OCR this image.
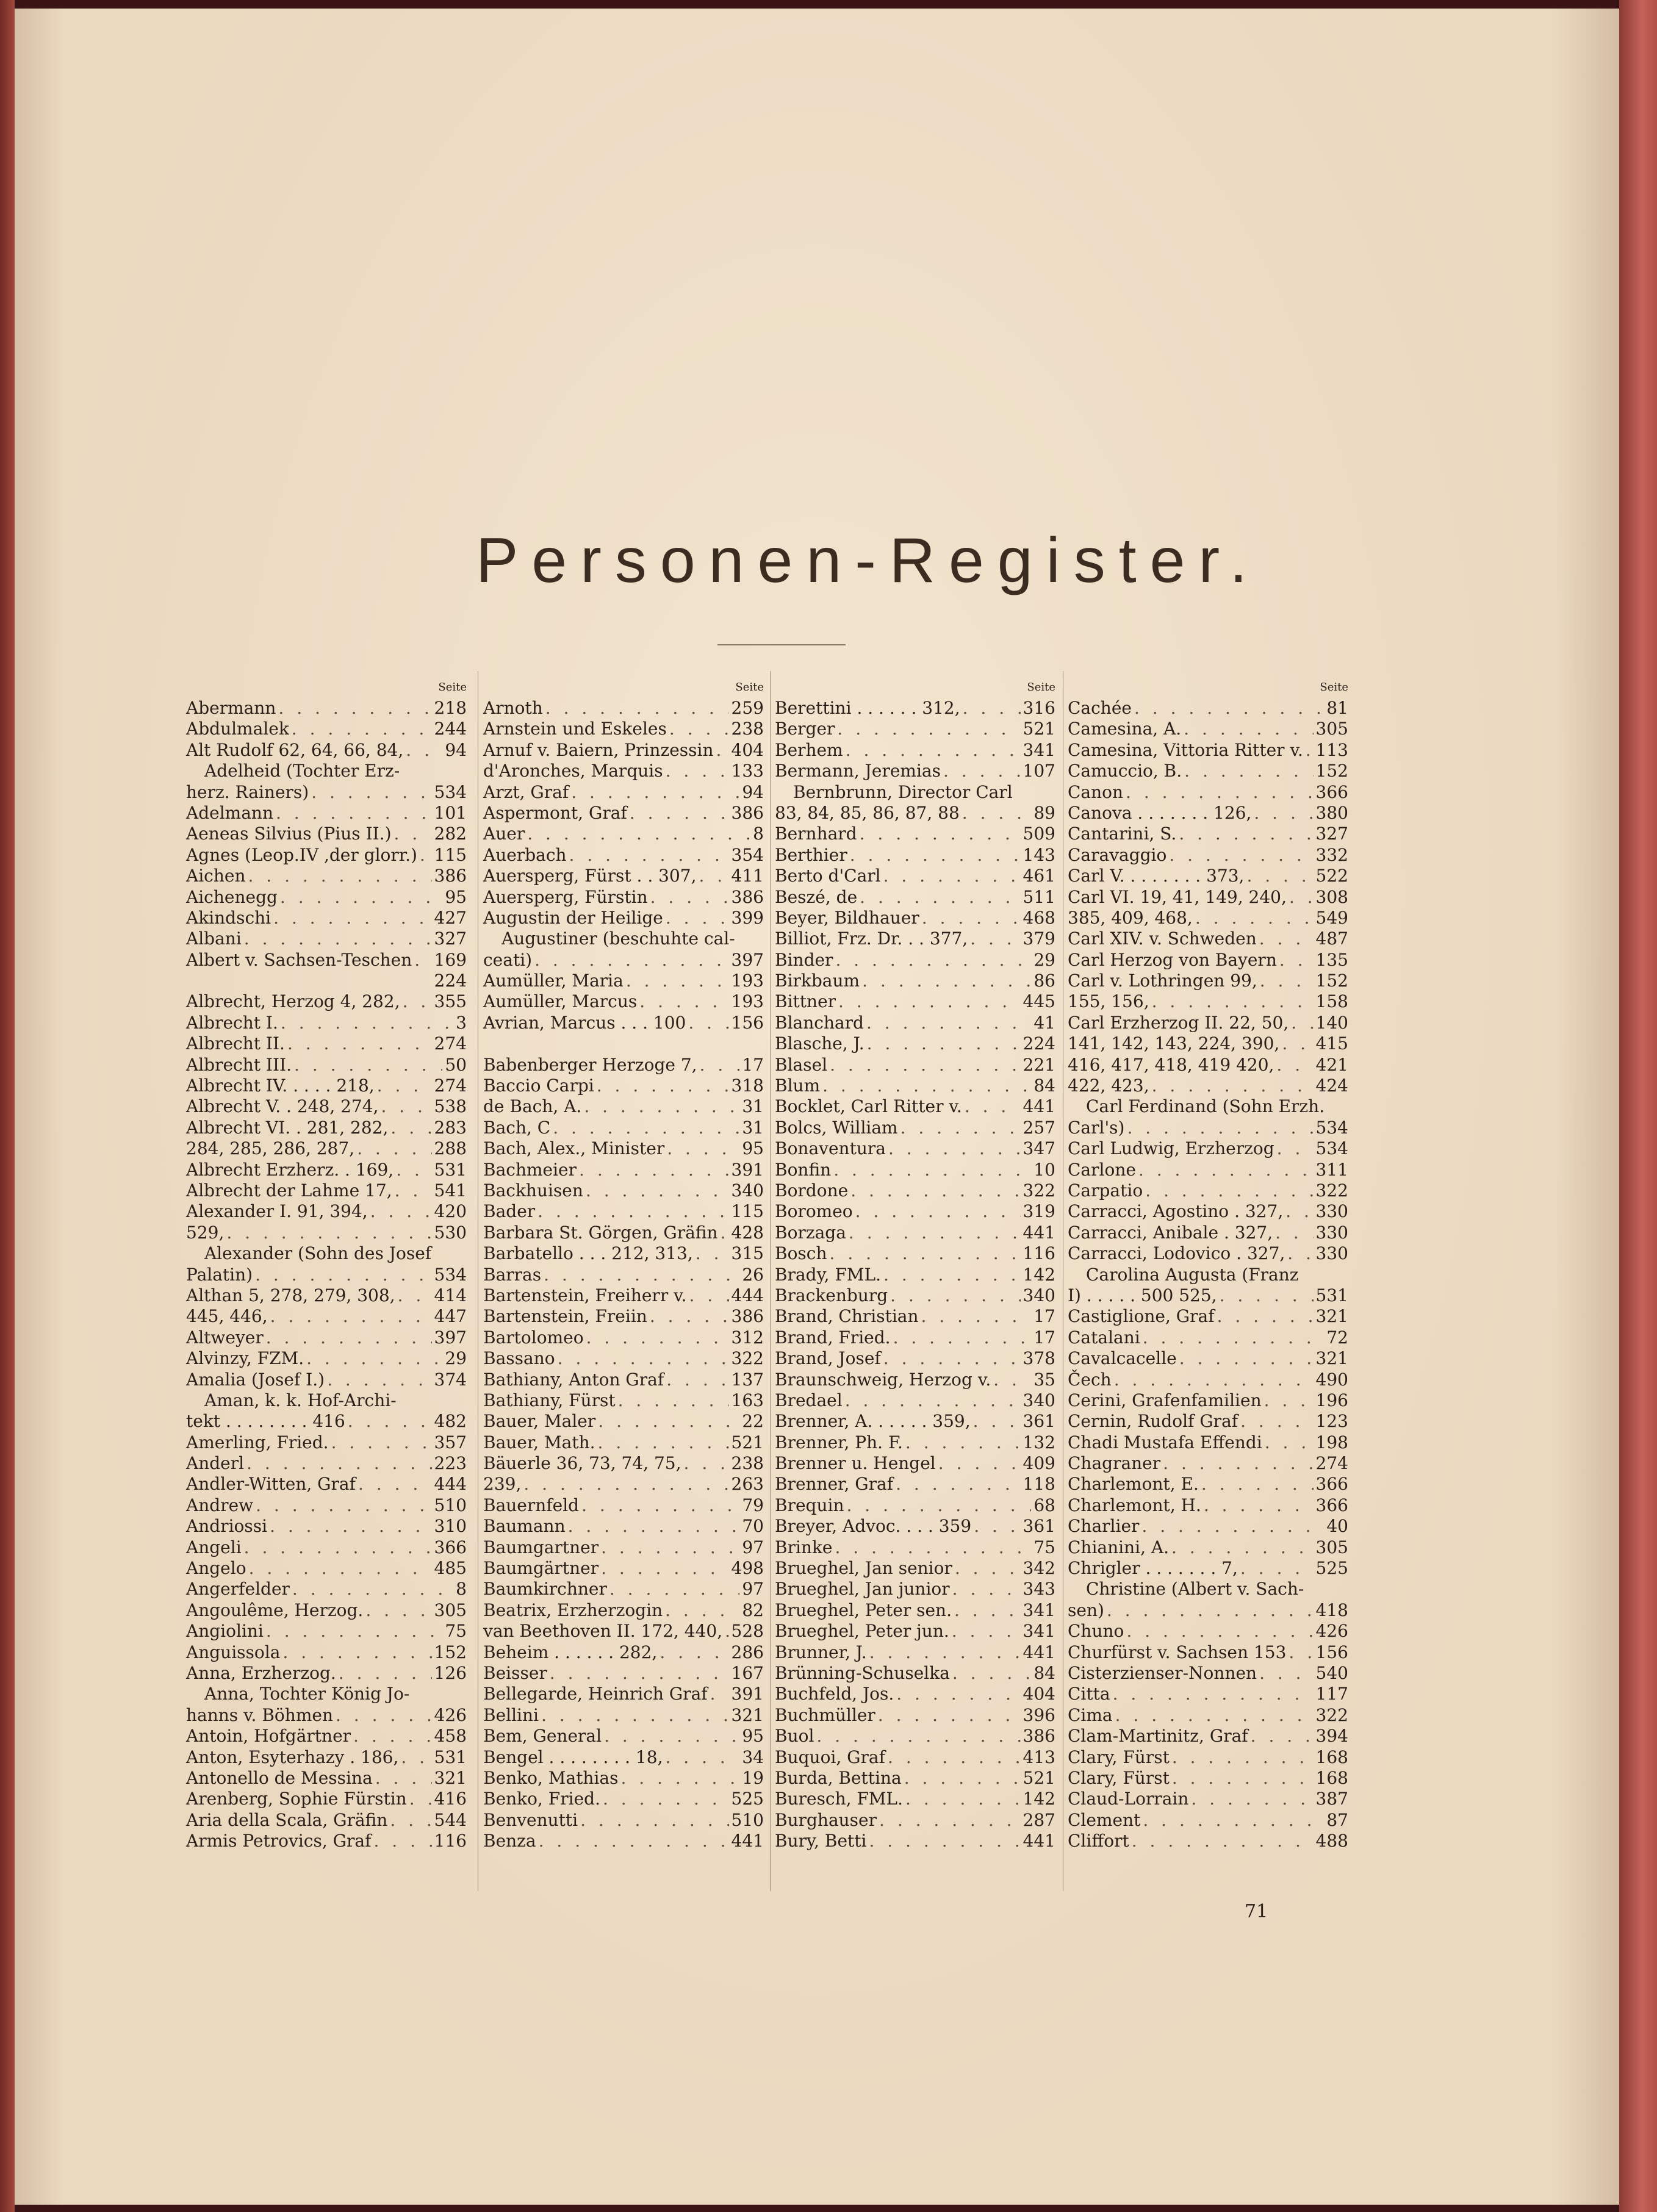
Personen-Register.
Seite
Abermann . . .	218
Abdulmalek . . .	244
Alt Rudolf 62, 64, 66, 84, . . . 94
Adelheid (Tochter Erz-
herz. Rainers) . . .	534
Adelmann . . .	101
Aeneas Silvius (Pius II.) . . .	282
Agnes (Leop.IV ,der glorr.) . . . 115
Aichen . . .	386
Aichenegg . . .	95
Akindschi . . .	427
Albani . . .	327
Albert v. Sachsen-Teschen . . . 169
224
Albrecht, Herzog 4, 282, . . . 355
Albrecht I. . . .	3
Albrecht II. . . .	274
Albrecht III. . . .	50
Albrecht IV. . . . . 218, . . .	274
Albrecht V. . 248, 274, . . .	538
Albrecht VI. . 281, 282, . . .	283
284, 285, 286, 287, . . .	288
Albrecht Erzherz. . 169, . . . 531
Albrecht der Lahme 17, . . . 541
Alexander I. 91, 394, . . .	420
529, . . .	530
Alexander (Sohn des Josef
Palatin) . . .	534
Althan 5, 278, 279, 308, . . . 414
445, 446, . . .	447
Altweyer . . .	397
Alvinzy, FZM. . . .	29
Amalia (Josef I.) . . .	374
Aman, k. k. Hof-Archi-
tekt . . . . . . . . 416 . . .	482
Amerling, Fried. . . .	357
Anderl . . .	223
Andler-Witten, Graf . . .	444
Andrew . . .	510
Andriossi . . .	310
Angeli . . .	366
Angelo . . .	485
Angerfelder . . .	8
Angoulême, Herzog. . . .	305
Angiolini . . .	75
Anguissola . . .	152
Anna, Erzherzog. . . .	126
Anna, Tochter König Jo-
hanns v. Böhmen . . .	426
Antoin, Hofgärtner . . .	458
Anton, Esyterhazy . 186, . . . 531
Antonello de Messina . . .	321
Arenberg, Sophie Fürstin . . . 416
Aria della Scala, Gräfin . . .	544
Armis Petrovics, Graf . . .	116
Seite
Arnoth . . .	259
Arnstein und Eskeles . . .	238
Arnuf v. Baiern, Prinzessin . . . 404
d'Aronches, Marquis . . .	133
Arzt, Graf . . .	94
Aspermont, Graf . . .	386
Auer . . .	8
Auerbach . . .	354
Auersperg, Fürst . . 307, . . . 411
Auersperg, Fürstin . . .	386
Augustin der Heilige . . .	399
Augustiner (beschuhte cal-
ceati) . . .	397
Aumüller, Maria . . .	193
Aumüller, Marcus . . .	193
Avrian, Marcus . . . 100 . . .	156
Babenberger Herzoge 7, . . .	17
Baccio Carpi . . .	318
de Bach, A. . . .	31
Bach, C . . .	31
Bach, Alex., Minister . . .	95
Bachmeier . . .	391
Backhuisen . . .	340
Bader . . .	115
Barbara St. Görgen, Gräfin . . . 428
Barbatello . . . 212, 313, . . . 315
Barras . . .	26
Bartenstein, Freiherr v. . . .	444
Bartenstein, Freiin . . .	386
Bartolomeo . . .	312
Bassano . . .	322
Bathiany, Anton Graf . . .	137
Bathiany, Fürst . . .	163
Bauer, Maler . . .	22
Bauer, Math. . . .	521
Bäuerle 36, 73, 74, 75, . . .	238
239, . . .	263
Bauernfeld . . .	79
Baumann . . .	70
Baumgartner . . .	97
Baumgärtner . . .	498
Baumkirchner . . .	97
Beatrix, Erzherzogin . . .	82
van Beethoven II. 172, 440, . . . 528
Beheim . . . . . . 282, . . .	286
Beisser . . .	167
Bellegarde, Heinrich Graf . . . 391
Bellini . . .	321
Bem, General . . .	95
Bengel . . . . . . . . 18, . . .	34
Benko, Mathias . . .	19
Benko, Fried. . . .	525
Benvenutti . . .	510
Benza . . .	441
Seite
Berettini . . . . . . 312, . . .	316
Berger . . .	521
Berhem . . .	341
Bermann, Jeremias . . .	107
Bernbrunn, Director Carl
83, 84, 85, 86, 87, 88 . . .	89
Bernhard . . .	509
Berthier . . .	143
Berto d'Carl . . .	461
Beszé, de . . .	511
Beyer, Bildhauer . . .	468
Billiot, Frz. Dr. . . 377, . . .	379
Binder . . .	29
Birkbaum . . .	86
Bittner . . .	445
Blanchard . . .	41
Blasche, J. . . .	224
Blasel . . .	221
Blum . . .	84
Bocklet, Carl Ritter v. . . .	441
Bolcs, William . . .	257
Bonaventura . . .	347
Bonfin . . .	10
Bordone . . .	322
Boromeo . . .	319
Borzaga . . .	441
Bosch . . .	116
Brady, FML. . . .	142
Brackenburg . . .	340
Brand, Christian . . .	17
Brand, Fried. . . .	17
Brand, Josef . . .	378
Braunschweig, Herzog v. . . .	35
Bredael . . .	340
Brenner, A. . . . . . 359, . . .	361
Brenner, Ph. F. . . .	132
Brenner u. Hengel . . .	409
Brenner, Graf . . .	118
Brequin . . .	68
Breyer, Advoc. . . . 359 . . .	361
Brinke . . .	75
Brueghel, Jan senior . . .	342
Brueghel, Jan junior . . .	343
Brueghel, Peter sen. . . .	341
Brueghel, Peter jun. . . .	341
Brunner, J. . . .	441
Brünning-Schuselka . . .	84
Buchfeld, Jos. . . .	404
Buchmüller . . .	396
Buol . . .	386
Buquoi, Graf . . .	413
Burda, Bettina . . .	521
Buresch, FML. . . .	142
Burghauser . . .	287
Bury, Betti . . .	441
Seite
Cachée . . .	81
Camesina, A. . . .	305
Camesina, Vittoria Ritter v. . . . 113
Camuccio, B. . . .	152
Canon . . .	366
Canova . . . . . . . 126, . . .	380
Cantarini, S. . . .	327
Caravaggio . . .	332
Carl V. . . . . . . . 373, . . .	522
Carl VI. 19, 41, 149, 240, . . . 308
385, 409, 468, . . .	549
Carl XIV. v. Schweden . . .	487
Carl Herzog von Bayern . . . 135
Carl v. Lothringen 99, . . .	152
155, 156, . . .	158
Carl Erzherzog II. 22, 50, . . . 140
141, 142, 143, 224, 390, . . . 415
416, 417, 418, 419 420, . . . 421
422, 423, . . .	424
Carl Ferdinand (Sohn Erzh.
Carl's) . . .	534
Carl Ludwig, Erzherzog . . . 534
Carlone . . .	311
Carpatio . . .	322
Carracci, Agostino . 327, . . . 330
Carracci, Anibale . 327, . . .	330
Carracci, Lodovico . 327, . . . 330
Carolina Augusta (Franz
I) . . . . . 500 525, . . .	531
Castiglione, Graf . . .	321
Catalani . . .	72
Cavalcacelle . . .	321
Čech . . .	490
Cerini, Grafenfamilien . . .	196
Cernin, Rudolf Graf . . .	123
Chadi Mustafa Effendi . . .	198
Chagraner . . .	274
Charlemont, E. . . .	366
Charlemont, H. . . .	366
Charlier . . .	40
Chianini, A. . . .	305
Chrigler . . . . . . . 7, . . .	525
Christine (Albert v. Sach-
sen) . . .	418
Chuno . . .	426
Churfürst v. Sachsen 153 . . . 156
Cisterzienser-Nonnen . . .	540
Citta . . .	117
Cima . . .	322
Clam-Martinitz, Graf . . .	394
Clary, Fürst . . .	168
Clary, Fürst . . .	168
Claud-Lorrain . . .	387
Clement . . .	87
Cliffort . . .	488
71
